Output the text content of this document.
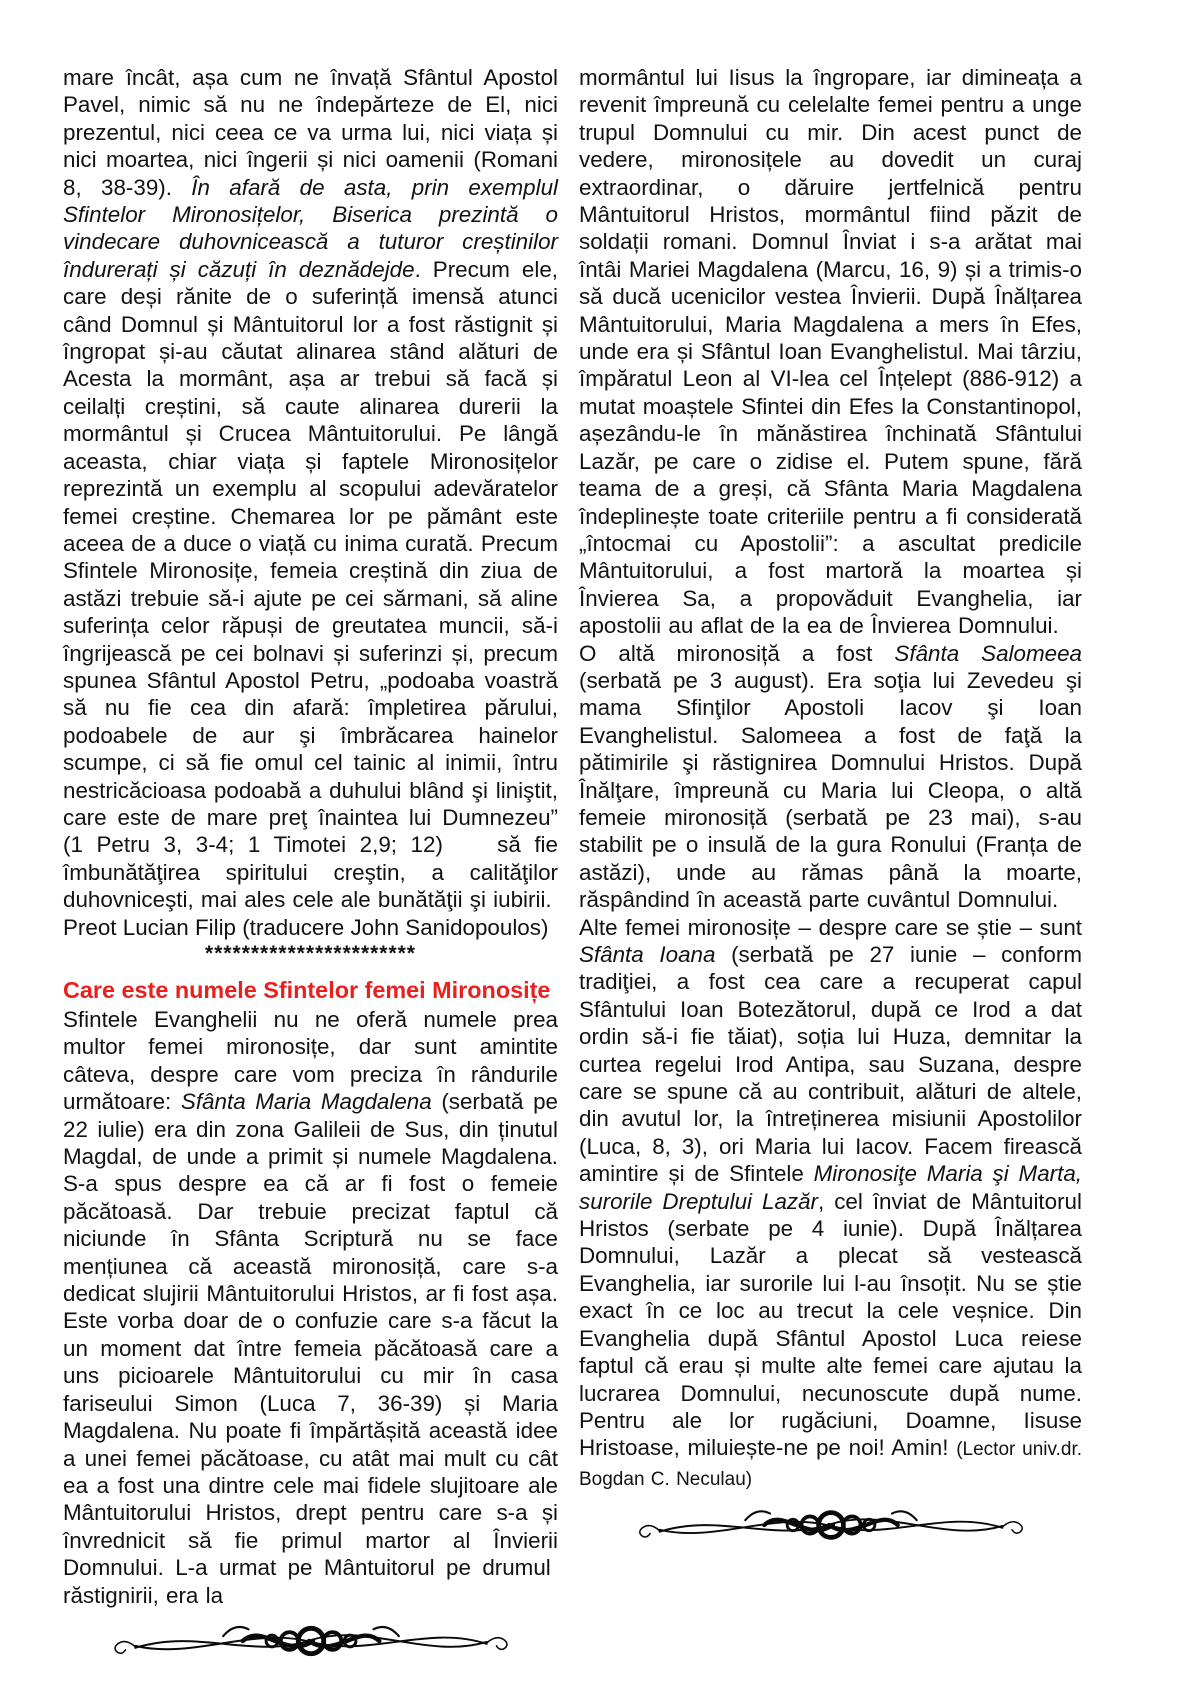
mare încât, așa cum ne învață Sfântul Apostol Pavel, nimic să nu ne îndepărteze de El, nici prezentul, nici ceea ce va urma lui, nici viața și nici moartea, nici îngerii și nici oamenii (Romani 8, 38-39). În afară de asta, prin exemplul Sfintelor Mironosițelor, Biserica prezintă o vindecare duhovnicească a tuturor creștinilor îndurerați și căzuți în deznădejde. Precum ele, care deși rănite de o suferință imensă atunci când Domnul și Mântuitorul lor a fost răstignit și îngropat și-au căutat alinarea stând alături de Acesta la mormânt, așa ar trebui să facă și ceilalți creștini, să caute alinarea durerii la mormântul și Crucea Mântuitorului. Pe lângă aceasta, chiar viața și faptele Mironosițelor reprezintă un exemplu al scopului adevăratelor femei creștine. Chemarea lor pe pământ este aceea de a duce o viață cu inima curată. Precum Sfintele Mironosițe, femeia creștină din ziua de astăzi trebuie să-i ajute pe cei sărmani, să aline suferința celor răpuși de greutatea muncii, să-i îngrijească pe cei bolnavi și suferinzi și, precum spunea Sfântul Apostol Petru, „podoaba voastră să nu fie cea din afară: împletirea părului, podoabele de aur şi îmbrăcarea hainelor scumpe, ci să fie omul cel tainic al inimii, întru nestricăcioasa podoabă a duhului blând şi liniştit, care este de mare preţ înaintea lui Dumnezeu” (1 Petru 3, 3-4; 1 Timotei 2,9; 12)    să fie îmbunătăţirea spiritului creştin, a calităţilor duhovniceşti, mai ales cele ale bunătăţii şi iubirii.

Preot Lucian Filip (traducere John Sanidopoulos)

***********************

Care este numele Sfintelor femei Mironosițe

Sfintele Evanghelii nu ne oferă numele prea multor femei mironosițe, dar sunt amintite câteva, despre care vom preciza în rândurile următoare: Sfânta Maria Magdalena (serbată pe 22 iulie) era din zona Galileii de Sus, din ținutul Magdal, de unde a primit și numele Magdalena. S-a spus despre ea că ar fi fost o femeie păcătoasă. Dar trebuie precizat faptul că niciunde în Sfânta Scriptură nu se face mențiunea că această mironosiță, care s-a dedicat slujirii Mântuitorului Hristos, ar fi fost așa. Este vorba doar de o confuzie care s-a făcut la un moment dat între femeia păcătoasă care a uns picioarele Mântuitorului cu mir în casa fariseului Simon (Luca 7, 36-39) și Maria Magdalena. Nu poate fi împărtășită această idee a unei femei păcătoase, cu atât mai mult cu cât ea a fost una dintre cele mai fidele slujitoare ale Mântuitorului Hristos, drept pentru care s-a și învrednicit să fie primul martor al Învierii Domnului. L-a urmat pe Mântuitorul pe drumul  răstignirii, era la

mormântul lui Iisus la îngropare, iar dimineața a revenit împreună cu celelalte femei pentru a unge trupul Domnului cu mir. Din acest punct de vedere, mironosițele au dovedit un curaj extraordinar, o dăruire jertfelnică pentru Mântuitorul Hristos, mormântul fiind păzit de soldații romani. Domnul Înviat i s-a arătat mai întâi Mariei Magdalena (Marcu, 16, 9) și a trimis-o să ducă ucenicilor vestea Învierii. După Înălțarea Mântuitorului, Maria Magdalena a mers în Efes, unde era și Sfântul Ioan Evanghelistul. Mai târziu, împăratul Leon al VI-lea cel Înțelept (886-912) a mutat moaștele Sfintei din Efes la Constantinopol, așezându-le în mănăstirea închinată Sfântului Lazăr, pe care o zidise el. Putem spune, fără teama de a greși, că Sfânta Maria Magdalena îndeplinește toate criteriile pentru a fi considerată „întocmai cu Apostolii”: a ascultat predicile Mântuitorului, a fost martoră la moartea și Învierea Sa, a propovăduit Evanghelia, iar apostolii au aflat de la ea de Învierea Domnului.

O altă mironosiță a fost Sfânta Salomeea (serbată pe 3 august). Era soţia lui Zevedeu şi mama Sfinţilor Apostoli Iacov şi Ioan Evanghelistul. Salomeea a fost de faţă la pătimirile şi răstignirea Domnului Hristos. După Înălţare, împreună cu Maria lui Cleopa, o altă femeie mironosiță (serbată pe 23 mai), s-au stabilit pe o insulă de la gura Ronului (Franța de astăzi), unde au rămas până la moarte, răspândind în această parte cuvântul Domnului.

Alte femei mironosițe – despre care se știe – sunt Sfânta Ioana (serbată pe 27 iunie – conform tradiţiei, a fost cea care a recuperat capul Sfântului Ioan Botezătorul, după ce Irod a dat ordin să-i fie tăiat), soția lui Huza, demnitar la curtea regelui Irod Antipa, sau Suzana, despre care se spune că au contribuit, alături de altele, din avutul lor, la întreținerea misiunii Apostolilor (Luca, 8, 3), ori Maria lui Iacov. Facem firească amintire și de Sfintele Mironosiţe Maria şi Marta, surorile Dreptului Lazăr, cel înviat de Mântuitorul Hristos (serbate pe 4 iunie). După Înălțarea Domnului, Lazăr a plecat să vestească Evanghelia, iar surorile lui l-au însoțit. Nu se știe exact în ce loc au trecut la cele veșnice. Din Evanghelia după Sfântul Apostol Luca reiese faptul că erau și multe alte femei care ajutau la lucrarea Domnului, necunoscute după nume. Pentru ale lor rugăciuni, Doamne, Iisuse Hristoase, miluiește-ne pe noi! Amin! (Lector univ.dr. Bogdan C. Neculau)
